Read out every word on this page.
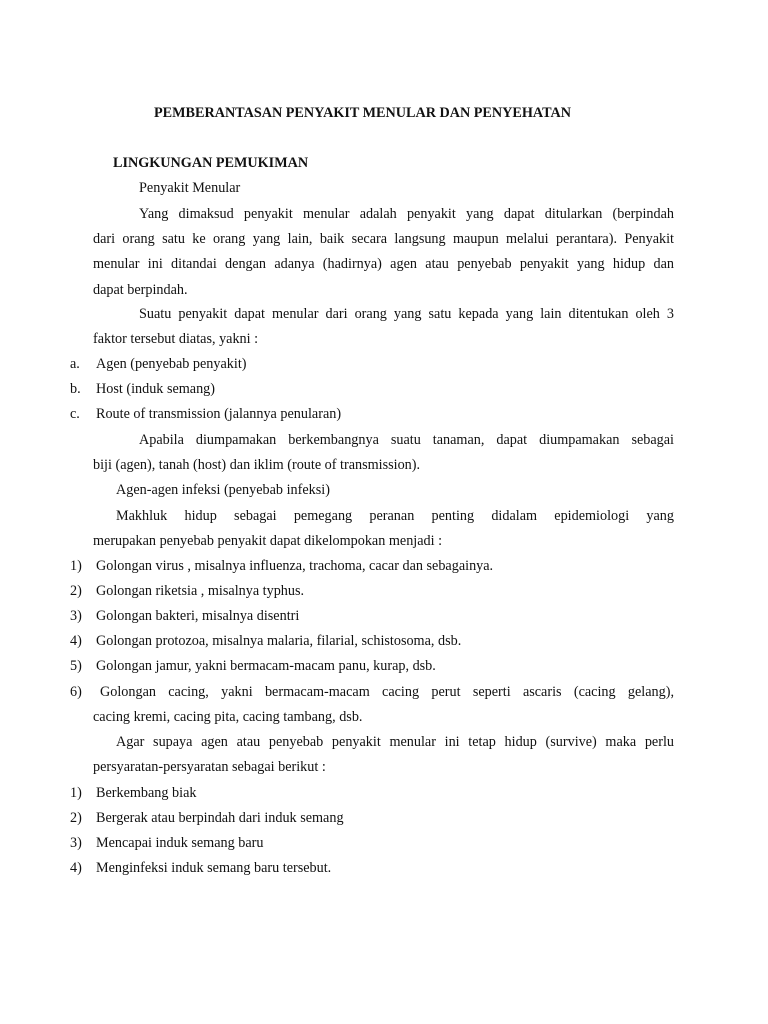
PEMBERANTASAN PENYAKIT MENULAR DAN PENYEHATAN
LINGKUNGAN PEMUKIMAN
Penyakit Menular
Yang dimaksud penyakit menular adalah penyakit yang dapat ditularkan (berpindah
dari orang satu ke orang yang lain, baik secara langsung maupun melalui perantara). Penyakit
menular ini ditandai dengan adanya (hadirnya) agen atau penyebab penyakit yang hidup dan
dapat berpindah.
Suatu penyakit dapat menular dari orang yang satu kepada yang lain ditentukan oleh 3
faktor tersebut diatas, yakni :
a. Agen (penyebab penyakit)
b. Host (induk semang)
c. Route of transmission (jalannya penularan)
Apabila diumpamakan berkembangnya suatu tanaman, dapat diumpamakan sebagai
biji (agen), tanah (host) dan iklim (route of transmission).
Agen-agen infeksi (penyebab infeksi)
Makhluk hidup sebagai pemegang peranan penting didalam epidemiologi yang
merupakan penyebab penyakit dapat dikelompokan menjadi :
1) Golongan virus , misalnya influenza, trachoma, cacar dan sebagainya.
2) Golongan riketsia , misalnya typhus.
3) Golongan bakteri, misalnya disentri
4) Golongan protozoa, misalnya malaria, filarial, schistosoma, dsb.
5) Golongan jamur, yakni bermacam-macam panu, kurap, dsb.
6) Golongan cacing, yakni bermacam-macam cacing perut seperti ascaris (cacing gelang),
cacing kremi, cacing pita, cacing tambang, dsb.
Agar supaya agen atau penyebab penyakit menular ini tetap hidup (survive) maka perlu
persyaratan-persyaratan sebagai berikut :
1) Berkembang biak
2) Bergerak atau berpindah dari induk semang
3) Mencapai induk semang baru
4) Menginfeksi induk semang baru tersebut.
